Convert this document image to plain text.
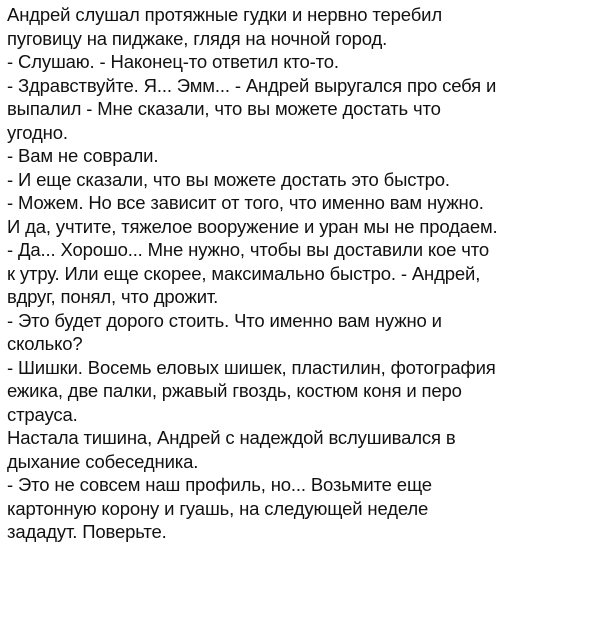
Андрей слушал протяжные гудки и нервно теребил
пуговицу на пиджаке, глядя на ночной город.
- Слушаю. - Наконец-то ответил кто-то.
- Здравствуйте. Я... Эмм... - Андрей выругался про себя и
выпалил - Мне сказали, что вы можете достать что
угодно.
- Вам не соврали.
- И еще сказали, что вы можете достать это быстро.
- Можем. Но все зависит от того, что именно вам нужно.
И да, учтите, тяжелое вооружение и уран мы не продаем.
- Да... Хорошо... Мне нужно, чтобы вы доставили кое что
к утру. Или еще скорее, максимально быстро. - Андрей,
вдруг, понял, что дрожит.
- Это будет дорого стоить. Что именно вам нужно и
сколько?
- Шишки. Восемь еловых шишек, пластилин, фотография
ежика, две палки, ржавый гвоздь, костюм коня и перо
страуса.
Настала тишина, Андрей с надеждой вслушивался в
дыхание собеседника.
- Это не совсем наш профиль, но... Возьмите еще
картонную корону и гуашь, на следующей неделе
зададут. Поверьте.
